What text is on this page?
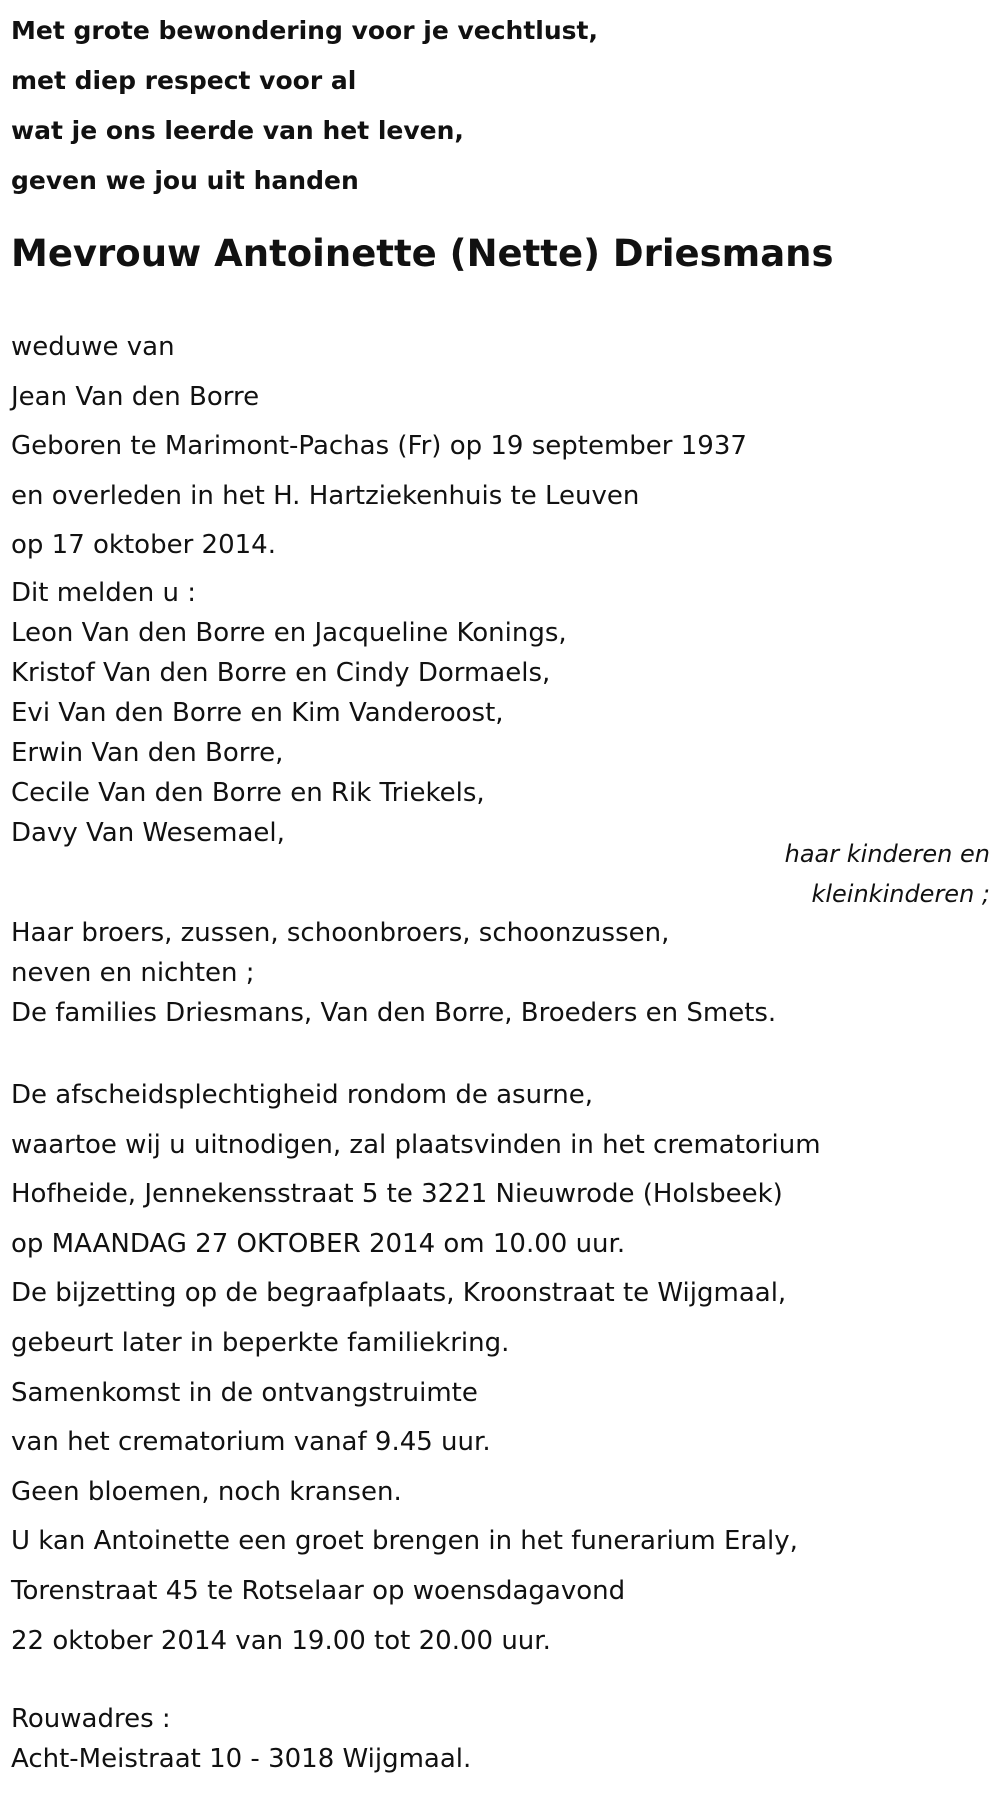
Met grote bewondering voor je vechtlust,
met diep respect voor al
wat je ons leerde van het leven,
geven we jou uit handen
Mevrouw Antoinette (Nette) Driesmans
weduwe van
Jean Van den Borre
Geboren te Marimont-Pachas (Fr) op 19 september 1937
en overleden in het H. Hartziekenhuis te Leuven
op 17 oktober 2014.
Dit melden u :
Leon Van den Borre en Jacqueline Konings,
Kristof Van den Borre en Cindy Dormaels,
Evi Van den Borre en Kim Vanderoost,
Erwin Van den Borre,
Cecile Van den Borre en Rik Triekels,
Davy Van Wesemael,
haar kinderen en
kleinkinderen ;
Haar broers, zussen, schoonbroers, schoonzussen,
neven en nichten ;
De families Driesmans, Van den Borre, Broeders en Smets.
De afscheidsplechtigheid rondom de asurne,
waartoe wij u uitnodigen, zal plaatsvinden in het crematorium
Hofheide, Jennekensstraat 5 te 3221 Nieuwrode (Holsbeek)
op MAANDAG 27 OKTOBER 2014 om 10.00 uur.
De bijzetting op de begraafplaats, Kroonstraat te Wijgmaal,
gebeurt later in beperkte familiekring.
Samenkomst in de ontvangstruimte
van het crematorium vanaf 9.45 uur.
Geen bloemen, noch kransen.
U kan Antoinette een groet brengen in het funerarium Eraly,
Torenstraat 45 te Rotselaar op woensdagavond
22 oktober 2014 van 19.00 tot 20.00 uur.
Rouwadres :
Acht-Meistraat 10 - 3018 Wijgmaal.
